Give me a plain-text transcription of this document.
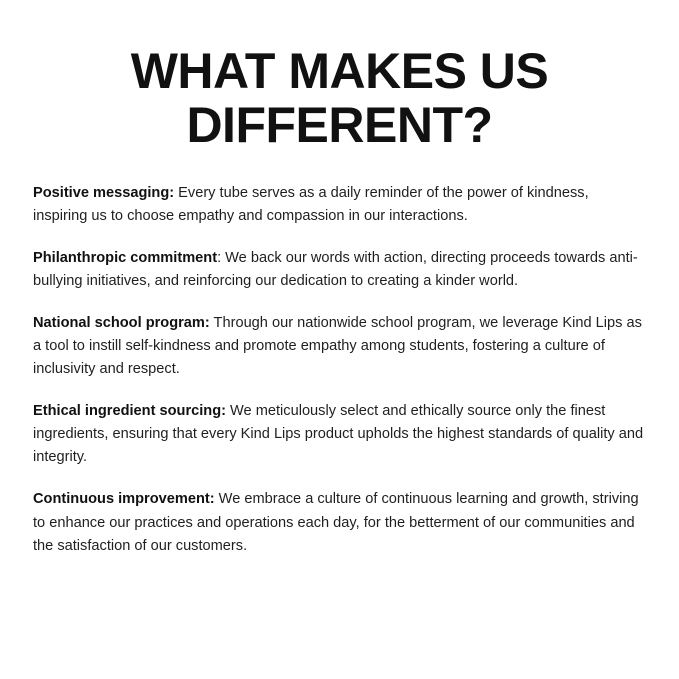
WHAT MAKES US
DIFFERENT?

Positive messaging: Every tube serves as a daily reminder of the power of kindness, inspiring us to choose empathy and compassion in our interactions.

Philanthropic commitment: We back our words with action, directing proceeds towards anti-bullying initiatives, and reinforcing our dedication to creating a kinder world.

National school program: Through our nationwide school program, we leverage Kind Lips as a tool to instill self-kindness and promote empathy among students, fostering a culture of inclusivity and respect.

Ethical ingredient sourcing: We meticulously select and ethically source only the finest ingredients, ensuring that every Kind Lips product upholds the highest standards of quality and integrity.

Continuous improvement: We embrace a culture of continuous learning and growth, striving to enhance our practices and operations each day, for the betterment of our communities and the satisfaction of our customers.
